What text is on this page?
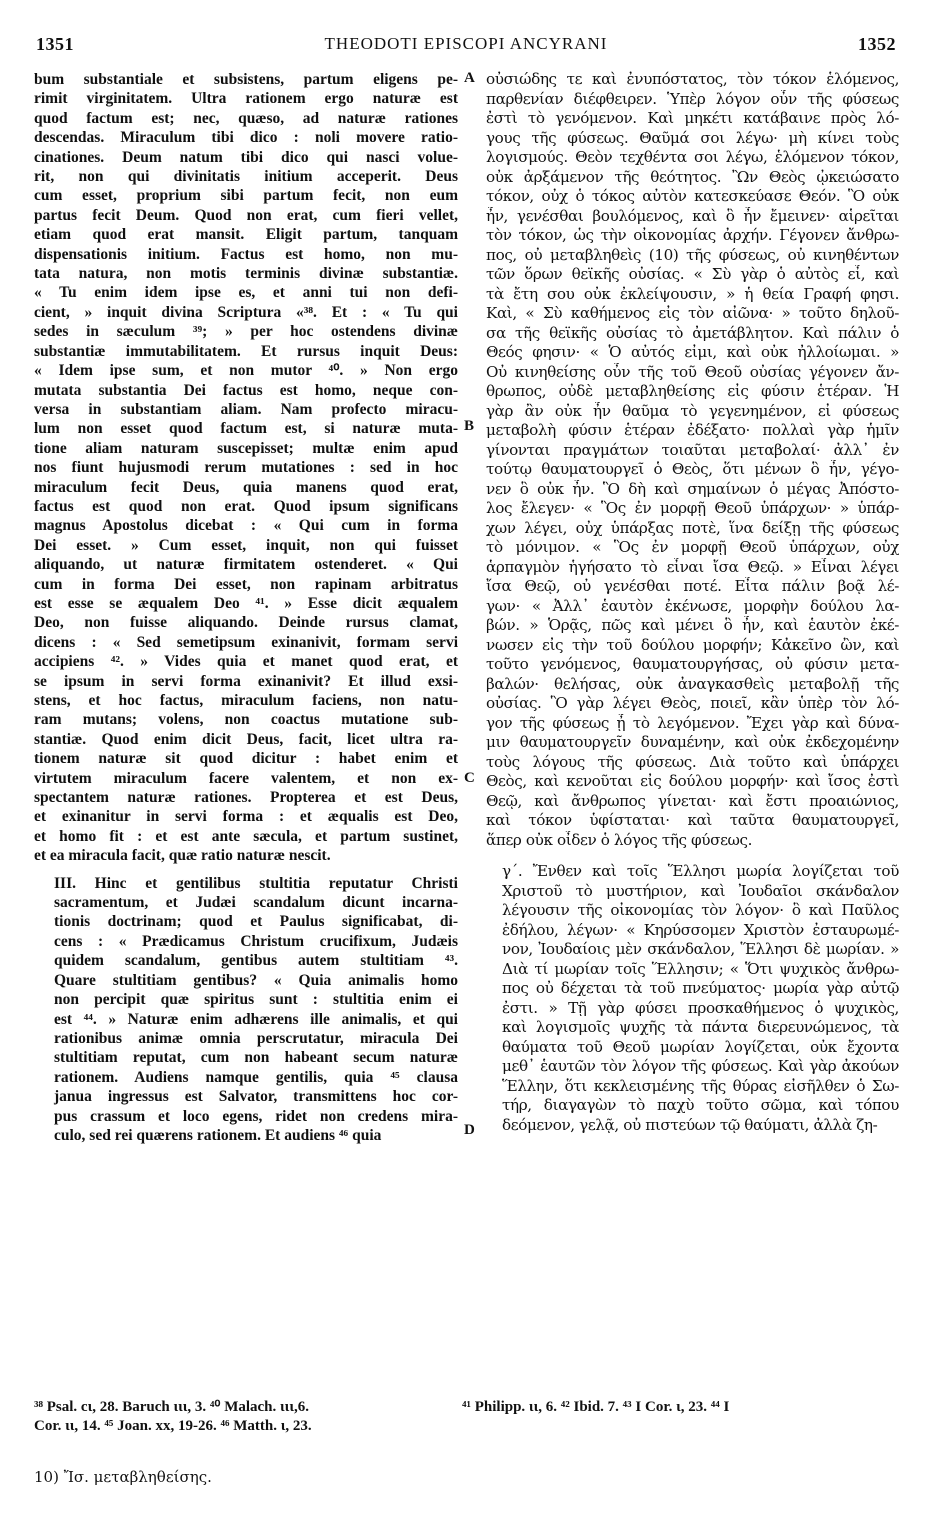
1351	THEODOTI EPISCOPI ANCYRANI	1352

bum substantiale et subsistens, partum eligens pe-
rimit virginitatem. Ultra rationem ergo naturæ est
quod factum est; nec, quæso, ad naturæ rationes
descendas. Miraculum tibi dico : noli movere ratio-
cinationes. Deum natum tibi dico qui nasci volue-
rit, non qui divinitatis initium acceperit. Deus
cum esset, proprium sibi partum fecit, non eum
partus fecit Deum. Quod non erat, cum fieri vellet,
etiam quod erat mansit. Eligit partum, tanquam
dispensationis initium. Factus est homo, non mu-
tata natura, non motis terminis divinæ substantiæ.
« Tu enim idem ipse es, et anni tui non defi-
cient, » inquit divina Scriptura «³⁸. Et : « Tu qui
sedes in sæculum ³⁹; » per hoc ostendens divinæ
substantiæ immutabilitatem. Et rursus inquit Deus:
« Idem ipse sum, et non mutor ⁴⁰. » Non ergo
mutata substantia Dei factus est homo, neque con-
versa in substantiam aliam. Nam profecto miracu-
lum non esset quod factum est, si naturæ muta-
tione aliam naturam suscepisset; multæ enim apud
nos fiunt hujusmodi rerum mutationes : sed in hoc
miraculum fecit Deus, quia manens quod erat,
factus est quod non erat. Quod ipsum significans
magnus Apostolus dicebat : « Qui cum in forma
Dei esset. » Cum esset, inquit, non qui fuisset
aliquando, ut naturæ firmitatem ostenderet. « Qui
cum in forma Dei esset, non rapinam arbitratus
est esse se æqualem Deo ⁴¹. » Esse dicit æqualem
Deo, non fuisse aliquando. Deinde rursus clamat,
dicens : « Sed semetipsum exinanivit, formam servi
accipiens ⁴². » Vides quia et manet quod erat, et
se ipsum in servi forma exinanivit? Et illud exsi-
stens, et hoc factus, miraculum faciens, non natu-
ram mutans; volens, non coactus mutatione sub-
stantiæ. Quod enim dicit Deus, facit, licet ultra ra-
tionem naturæ sit quod dicitur : habet enim et
virtutem miraculum facere valentem, et non ex-
spectantem naturæ rationes. Propterea et est Deus,
et exinanitur in servi forma : et æqualis est Deo,
et homo fit : et est ante sæcula, et partum sustinet,
et ea miracula facit, quæ ratio naturæ nescit.

III. Hinc et gentilibus stultitia reputatur Christi
sacramentum, et Judæi scandalum dicunt incarna-
tionis doctrinam; quod et Paulus significabat, di-
cens : « Prædicamus Christum crucifixum, Judæis
quidem scandalum, gentibus autem stultitiam ⁴³.
Quare stultitiam gentibus? « Quia animalis homo
non percipit quæ spiritus sunt : stultitia enim ei
est ⁴⁴. » Naturæ enim adhærens ille animalis, et qui
rationibus animæ omnia perscrutatur, miracula Dei
stultitiam reputat, cum non habeant secum naturæ
rationem. Audiens namque gentilis, quia ⁴⁵ clausa
janua ingressus est Salvator, transmittens hoc cor-
pus crassum et loco egens, ridet non credens mira-
culo, sed rei quærens rationem. Et audiens ⁴⁶ quia

οὐσιώδης τε καὶ ἐνυπόστατος, τὸν τόκον ἑλόμενος,
παρθενίαν διέφθειρεν. Ὑπὲρ λόγον οὖν τῆς φύσεως
ἐστὶ τὸ γενόμενον. Καὶ μηκέτι κατάβαινε πρὸς λό-
γους τῆς φύσεως. Θαῦμά σοι λέγω· μὴ κίνει τοὺς
λογισμούς. Θεὸν τεχθέντα σοι λέγω, ἑλόμενον τόκον,
οὐκ ἀρξάμενον τῆς θεότητος. Ὢν Θεὸς ᾠκειώσατο
τόκον, οὐχ ὁ τόκος αὐτὸν κατεσκεύασε Θεόν. Ὃ οὐκ
ἦν, γενέσθαι βουλόμενος, καὶ ὃ ἦν ἔμεινεν· αἱρεῖται
τὸν τόκον, ὡς τὴν οἰκονομίας ἀρχήν. Γέγονεν ἄνθρω-
πος, οὐ μεταβληθεὶς (10) τῆς φύσεως, οὐ κινηθέντων
τῶν ὅρων θεϊκῆς οὐσίας. « Σὺ γὰρ ὁ αὐτὸς εἶ, καὶ
τὰ ἔτη σου οὐκ ἐκλείψουσιν, » ἡ θεία Γραφή φησι.
Καὶ, « Σὺ καθήμενος εἰς τὸν αἰῶνα· » τοῦτο δηλοῦ-
σα τῆς θεϊκῆς οὐσίας τὸ ἀμετάβλητον. Καὶ πάλιν ὁ
Θεός φησιν· « Ὁ αὐτός εἰμι, καὶ οὐκ ἠλλοίωμαι. »
Οὐ κινηθείσης οὖν τῆς τοῦ Θεοῦ οὐσίας γέγονεν ἄν-
θρωπος, οὐδὲ μεταβληθείσης εἰς φύσιν ἑτέραν. Ἡ
γὰρ ἂν οὐκ ἦν θαῦμα τὸ γεγενημένον, εἰ φύσεως
μεταβολὴ φύσιν ἑτέραν ἐδέξατο· πολλαὶ γὰρ ἡμῖν
γίνονται πραγμάτων τοιαῦται μεταβολαί· ἀλλ᾽ ἐν
τούτῳ θαυματουργεῖ ὁ Θεὸς, ὅτι μένων ὃ ἦν, γέγο-
νεν ὃ οὐκ ἦν. Ὃ δὴ καὶ σημαίνων ὁ μέγας Ἀπόστο-
λος ἔλεγεν· « Ὃς ἐν μορφῇ Θεοῦ ὑπάρχων· » ὑπάρ-
χων λέγει, οὐχ ὑπάρξας ποτὲ, ἵνα δείξῃ τῆς φύσεως
τὸ μόνιμον. « Ὃς ἐν μορφῇ Θεοῦ ὑπάρχων, οὐχ
ἁρπαγμὸν ἡγήσατο τὸ εἶναι ἴσα Θεῷ. » Εἶναι λέγει
ἴσα Θεῷ, οὐ γενέσθαι ποτέ. Εἶτα πάλιν βοᾷ λέ-
γων· « Ἀλλ᾽ ἑαυτὸν ἐκένωσε, μορφὴν δούλου λα-
βών. » Ὁρᾷς, πῶς καὶ μένει ὃ ἦν, καὶ ἑαυτὸν ἐκέ-
νωσεν εἰς τὴν τοῦ δούλου μορφήν; Κἀκεῖνο ὢν, καὶ
τοῦτο γενόμενος, θαυματουργήσας, οὐ φύσιν μετα-
βαλών· θελήσας, οὐκ ἀναγκασθεὶς μεταβολῇ τῆς
οὐσίας. Ὃ γὰρ λέγει Θεὸς, ποιεῖ, κἂν ὑπὲρ τὸν λό-
γον τῆς φύσεως ᾖ τὸ λεγόμενον. Ἔχει γὰρ καὶ δύνα-
μιν θαυματουργεῖν δυναμένην, καὶ οὐκ ἐκδεχομένην
τοὺς λόγους τῆς φύσεως. Διὰ τοῦτο καὶ ὑπάρχει
Θεὸς, καὶ κενοῦται εἰς δούλου μορφήν· καὶ ἴσος ἐστὶ
Θεῷ, καὶ ἄνθρωπος γίνεται· καὶ ἔστι προαιώνιος,
καὶ τόκον ὑφίσταται· καὶ ταῦτα θαυματουργεῖ,
ἅπερ οὐκ οἶδεν ὁ λόγος τῆς φύσεως.

γ΄. Ἔνθεν καὶ τοῖς Ἕλλησι μωρία λογίζεται τοῦ
Χριστοῦ τὸ μυστήριον, καὶ Ἰουδαῖοι σκάνδαλον
λέγουσιν τῆς οἰκονομίας τὸν λόγον· ὃ καὶ Παῦλος
ἐδήλου, λέγων· « Κηρύσσομεν Χριστὸν ἐσταυρωμέ-
νον, Ἰουδαίοις μὲν σκάνδαλον, Ἕλλησι δὲ μωρίαν. »
Διὰ τί μωρίαν τοῖς Ἕλλησιν; « Ὅτι ψυχικὸς ἄνθρω-
πος οὐ δέχεται τὰ τοῦ πνεύματος· μωρία γὰρ αὐτῷ
ἐστι. » Τῇ γὰρ φύσει προσκαθήμενος ὁ ψυχικὸς,
καὶ λογισμοῖς ψυχῆς τὰ πάντα διερευνώμενος, τὰ
θαύματα τοῦ Θεοῦ μωρίαν λογίζεται, οὐκ ἔχοντα
μεθ᾽ ἑαυτῶν τὸν λόγον τῆς φύσεως. Καὶ γὰρ ἀκούων
Ἕλλην, ὅτι κεκλεισμένης τῆς θύρας εἰσῆλθεν ὁ Σω-
τήρ, διαγαγὼν τὸ παχὺ τοῦτο σῶμα, καὶ τόπου
δεόμενον, γελᾷ, οὐ πιστεύων τῷ θαύματι, ἀλλὰ ζη-

A
B
C
D
³⁸ Psal. cι, 28. Baruch ιιι, 3. ⁴⁰ Malach. ιιι,6.
Cor. ιι, 14. ⁴⁵ Joan. xx, 19-26. ⁴⁶ Matth. ι, 23.
⁴¹ Philipp. ιι, 6. ⁴² Ibid. 7. ⁴³ I Cor. ι, 23. ⁴⁴ I
10) Ἴσ. μεταβληθείσης.
